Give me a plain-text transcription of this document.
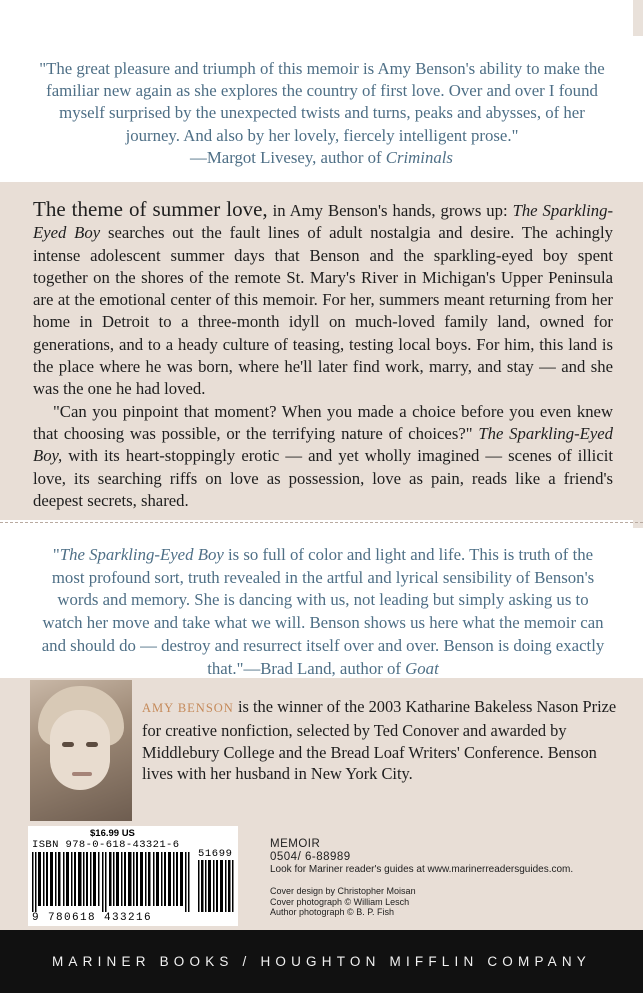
"The great pleasure and triumph of this memoir is Amy Benson's ability to make the familiar new again as she explores the country of first love. Over and over I found myself surprised by the unexpected twists and turns, peaks and abysses, of her journey. And also by her lovely, fiercely intelligent prose."

—Margot Livesey, author of Criminals
The theme of summer love, in Amy Benson's hands, grows up: The Sparkling-Eyed Boy searches out the fault lines of adult nostalgia and desire. The achingly intense adolescent summer days that Benson and the sparkling-eyed boy spent together on the shores of the remote St. Mary's River in Michigan's Upper Peninsula are at the emotional center of this memoir. For her, summers meant returning from her home in Detroit to a three-month idyll on much-loved family land, owned for generations, and to a heady culture of teasing, testing local boys. For him, this land is the place where he was born, where he'll later find work, marry, and stay — and she was the one he had loved.
"Can you pinpoint that moment? When you made a choice before you even knew that choosing was possible, or the terrifying nature of choices?" The Sparkling-Eyed Boy, with its heart-stoppingly erotic — and yet wholly imagined — scenes of illicit love, its searching riffs on love as possession, love as pain, reads like a friend's deepest secrets, shared.
"The Sparkling-Eyed Boy is so full of color and light and life. This is truth of the most profound sort, truth revealed in the artful and lyrical sensibility of Benson's words and memory. She is dancing with us, not leading but simply asking us to watch her move and take what we will. Benson shows us here what the memoir can and should do — destroy and resurrect itself over and over. Benson is doing exactly that."—Brad Land, author of Goat
AMY BENSON is the winner of the 2003 Katharine Bakeless Nason Prize for creative nonfiction, selected by Ted Conover and awarded by Middlebury College and the Bread Loaf Writers' Conference. Benson lives with her husband in New York City.
$16.99 US
ISBN 978-0-618-43321-6
51699
9 780618 433216
MEMOIR
0504/ 6-88989
Look for Mariner reader's guides at www.marinerreadersguides.com.
Cover design by Christopher Moisan
Cover photograph © William Lesch
Author photograph © B. P. Fish
MARINER BOOKS / HOUGHTON MIFFLIN COMPANY
